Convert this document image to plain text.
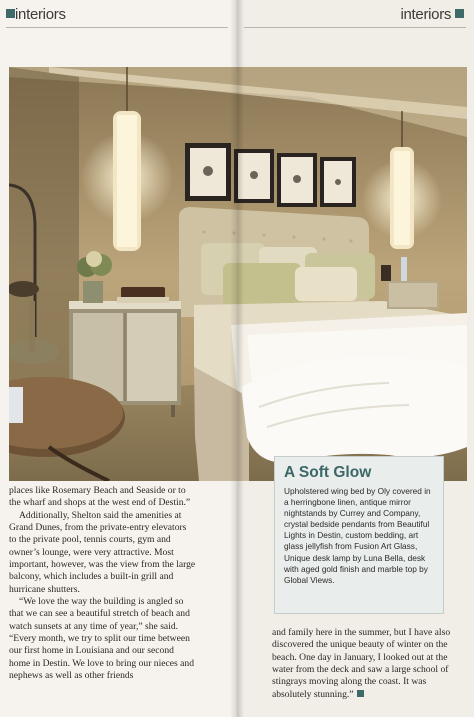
interiors	interiors

places like Rosemary Beach and Seaside or to the wharf and shops at the west end of Destin.”

Additionally, Shelton said the amenities at Grand Dunes, from the private-entry elevators to the private pool, tennis courts, gym and owner’s lounge, were very attractive. Most important, however, was the view from the large balcony, which includes a built-in grill and hurricane shutters.

“We love the way the building is angled so that we can see a beautiful stretch of beach and watch sunsets at any time of year,” she said. “Every month, we try to split our time between our first home in Louisiana and our second home in Destin. We love to bring our nieces and nephews as well as other friends

A Soft Glow
Upholstered wing bed by Oly covered in a herringbone linen, antique mirror nightstands by Currey and Company, crystal bedside pendants from Beautiful Lights in Destin, custom bedding, art glass jellyfish from Fusion Art Glass, Unique desk lamp by Luna Bella, desk with aged gold finish and marble top by Global Views.

and family here in the summer, but I have also discovered the unique beauty of winter on the beach. One day in January, I looked out at the water from the deck and saw a large school of stingrays moving along the coast. It was absolutely stunning.”
